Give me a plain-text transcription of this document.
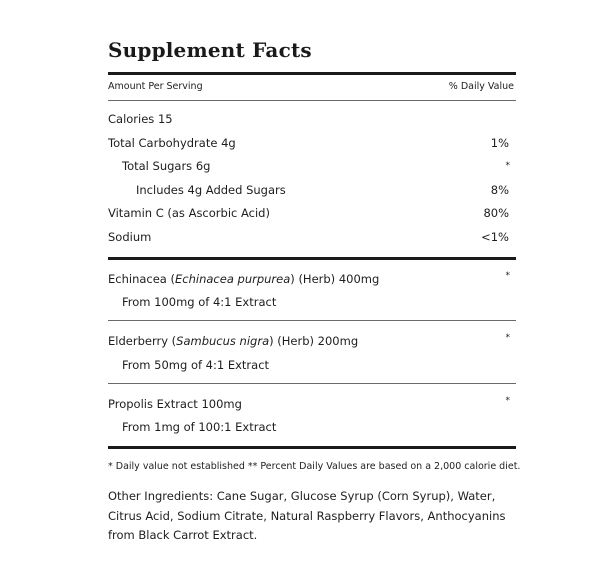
Supplement Facts
Amount Per Serving	% Daily Value
Calories 15
Total Carbohydrate 4g	1%
Total Sugars 6g	*
Includes 4g Added Sugars	8%
Vitamin C (as Ascorbic Acid)	80%
Sodium	<1%
Echinacea (Echinacea purpurea) (Herb) 400mg	*
From 100mg of 4:1 Extract
Elderberry (Sambucus nigra) (Herb) 200mg	*
From 50mg of 4:1 Extract
Propolis Extract 100mg	*
From 1mg of 100:1 Extract
* Daily value not established ** Percent Daily Values are based on a 2,000 calorie diet.
Other Ingredients: Cane Sugar, Glucose Syrup (Corn Syrup), Water, Citrus Acid, Sodium Citrate, Natural Raspberry Flavors, Anthocyanins from Black Carrot Extract.
